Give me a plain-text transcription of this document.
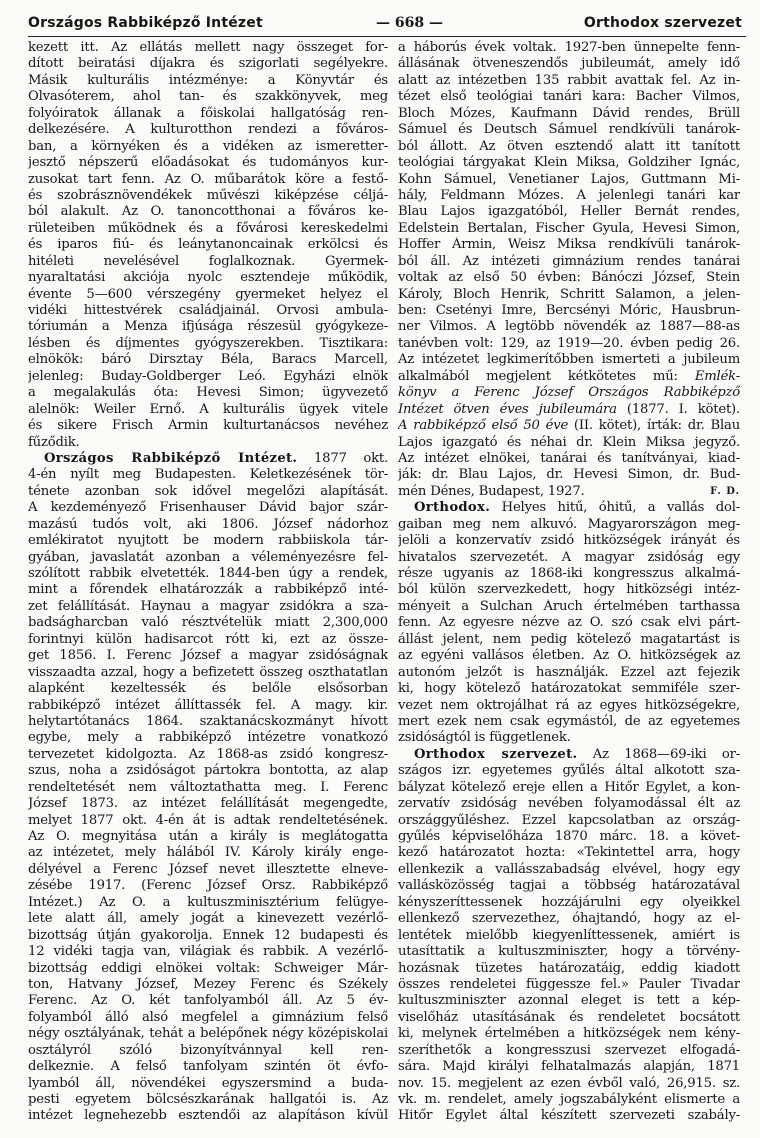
Országos Rabbiképző Intézet	— 668 —	Orthodox szervezet
kezett itt. Az ellátás mellett nagy összeget for-
dított beiratási díjakra és szigorlati segélyekre.
Másik kulturális intézménye: a Könyvtár és
Olvasóterem, ahol tan- és szakkönyvek, meg
folyóiratok állanak a főiskolai hallgatóság ren-
delkezésére. A kulturotthon rendezi a főváros-
ban, a környéken és a vidéken az ismeretter-
jesztő népszerű előadásokat és tudományos kur-
zusokat tart fenn. Az O. műbarátok köre a festő-
és szobrásznövendékek művészi kiképzése céljá-
ból alakult. Az O. tanoncotthonai a főváros ke-
rületeiben működnek és a fővárosi kereskedelmi
és iparos fiú- és leánytanoncainak erkölcsi és
hitéleti nevelésével foglalkoznak. Gyermek-
nyaraltatási akciója nyolc esztendeje működik,
évente 5—600 vérszegény gyermeket helyez el
vidéki hittestvérek családjainál. Orvosi ambula-
tóriumán a Menza ifjúsága részesül gyógykeze-
lésben és díjmentes gyógyszerekben. Tisztikara:
elnökök: báró Dirsztay Béla, Baracs Marcell,
jelenleg: Buday-Goldberger Leó. Egyházi elnök
a megalakulás óta: Hevesi Simon; ügyvezető
alelnök: Weiler Ernő. A kulturális ügyek vitele
és sikere Frisch Ármin kulturtanácsos nevéhez
fűződik.
Országos Rabbiképző Intézet. 1877 okt.
4-én nyílt meg Budapesten. Keletkezésének tör-
ténete azonban sok idővel megelőzi alapítását.
A kezdeményező Frisenhauser Dávid bajor szár-
mazású tudós volt, aki 1806. József nádorhoz
emlékiratot nyujtott be modern rabbiiskola tár-
gyában, javaslatát azonban a véleményezésre fel-
szólított rabbik elvetették. 1844-ben úgy a rendek,
mint a főrendek elhatározzák a rabbiképző inté-
zet felállítását. Haynau a magyar zsidókra a sza-
badságharcban való résztvételük miatt 2,300,000
forintnyi külön hadisarcot rótt ki, ezt az össze-
get 1856. I. Ferenc József a magyar zsidóságnak
visszaadta azzal, hogy a befizetett összeg oszthatatlan
alapként kezeltessék és belőle elsősorban
rabbiképző intézet állíttassék fel. A magy. kir.
helytartótanács 1864. szaktanácskozmányt hívott
egybe, mely a rabbiképző intézetre vonatkozó
tervezetet kidolgozta. Az 1868-as zsidó kongresz-
szus, noha a zsidóságot pártokra bontotta, az alap
rendeltetését nem változtathatta meg. I. Ferenc
József 1873. az intézet felállítását megengedte,
melyet 1877 okt. 4-én át is adtak rendeltetésének.
Az O. megnyitása után a király is meglátogatta
az intézetet, mely hálából IV. Károly király enge-
délyével a Ferenc József nevet illesztette elneve-
zésébe 1917. (Ferenc József Orsz. Rabbiképző
Intézet.) Az O. a kultuszminisztérium felügye-
lete alatt áll, amely jogát a kinevezett vezérlő-
bizottság útján gyakorolja. Ennek 12 budapesti és
12 vidéki tagja van, világiak és rabbik. A vezérlő-
bizottság eddigi elnökei voltak: Schweiger Már-
ton, Hatvany József, Mezey Ferenc és Székely
Ferenc. Az O. két tanfolyamból áll. Az 5 év-
folyamból álló alsó megfelel a gimnázium felső
négy osztályának, tehát a belépőnek négy középiskolai
osztályról szóló bizonyítvánnyal kell ren-
delkeznie. A felső tanfolyam szintén öt évfo-
lyamból áll, növendékei egyszersmind a buda-
pesti egyetem bölcsészkarának hallgatói is. Az
intézet legnehezebb esztendői az alapításon kívül
a háborús évek voltak. 1927-ben ünnepelte fenn-
állásának ötveneszendős jubileumát, amely idő
alatt az intézetben 135 rabbit avattak fel. Az in-
tézet első teológiai tanári kara: Bacher Vilmos,
Bloch Mózes, Kaufmann Dávid rendes, Brüll
Sámuel és Deutsch Sámuel rendkívüli tanárok-
ból állott. Az ötven esztendő alatt itt tanított
teológiai tárgyakat Klein Miksa, Goldziher Ignác,
Kohn Sámuel, Venetianer Lajos, Guttmann Mi-
hály, Feldmann Mózes. A jelenlegi tanári kar
Blau Lajos igazgatóból, Heller Bernát rendes,
Edelstein Bertalan, Fischer Gyula, Hevesi Simon,
Hoffer Ármin, Weisz Miksa rendkívüli tanárok-
ból áll. Az intézeti gimnázium rendes tanárai
voltak az első 50 évben: Bánóczi József, Stein
Károly, Bloch Henrik, Schritt Salamon, a jelen-
ben: Csetényi Imre, Bercsényi Móric, Hausbrun-
ner Vilmos. A legtöbb növendék az 1887—88-as
tanévben volt: 129, az 1919—20. évben pedig 26.
Az intézetet legkimerítőbben ismerteti a jubileum
alkalmából megjelent kétkötetes mű: Emlék-
könyv a Ferenc József Országos Rabbiképző
Intézet ötven éves jubileumára (1877. I. kötet).
A rabbiképző első 50 éve (II. kötet), írták: dr. Blau
Lajos igazgató és néhai dr. Klein Miksa jegyző.
Az intézet elnökei, tanárai és tanítványai, kiad-
ják: dr. Blau Lajos, dr. Hevesi Simon, dr. Bud-
mén Dénes, Budapest, 1927.	F. D.
Orthodox. Helyes hitű, óhitű, a vallás dol-
gaiban meg nem alkuvó. Magyarországon meg-
jelöli a konzervatív zsidó hitközségek irányát és
hivatalos szervezetét. A magyar zsidóság egy
része ugyanis az 1868-iki kongresszus alkalmá-
ból külön szervezkedett, hogy hitközségi intéz-
ményeit a Sulchan Áruch értelmében tarthassa
fenn. Az egyesre nézve az O. szó csak elvi párt-
állást jelent, nem pedig kötelező magatartást is
az egyéni vallásos életben. Az O. hitközségek az
autonóm jelzőt is használják. Ezzel azt fejezik
ki, hogy kötelező határozatokat semmiféle szer-
vezet nem oktrojálhat rá az egyes hitközségekre,
mert ezek nem csak egymástól, de az egyetemes
zsidóságtól is függetlenek.
Orthodox szervezet. Az 1868—69-iki or-
szágos izr. egyetemes gyűlés által alkotott sza-
bályzat kötelező ereje ellen a Hitőr Egylet, a kon-
zervatív zsidóság nevében folyamodással élt az
országgyűléshez. Ezzel kapcsolatban az ország-
gyűlés képviselőháza 1870 márc. 18. a követ-
kező határozatot hozta: «Tekintettel arra, hogy
ellenkezik a vallásszabadság elvével, hogy egy
vallásközösség tagjai a többség határozatával
kényszeríttessenek hozzájárulni egy olyeikkel
ellenkező szervezethez, óhajtandó, hogy az el-
lentétek mielőbb kiegyenlíttessenek, amiért is
utasíttatik a kultuszminiszter, hogy a törvény-
hozásnak tüzetes határozatáig, eddig kiadott
összes rendeletei függessze fel.» Pauler Tivadar
kultuszminiszter azonnal eleget is tett a kép-
viselőház utasításának és rendeletet bocsátott
ki, melynek értelmében a hitközségek nem kény-
szeríthetők a kongresszusi szervezet elfogadá-
sára. Majd királyi felhatalmazás alapján, 1871
nov. 15. megjelent az ezen évből való, 26,915. sz.
vk. m. rendelet, amely jogszabályként elismerte a
Hitőr Egylet által készített szervezeti szabály-
